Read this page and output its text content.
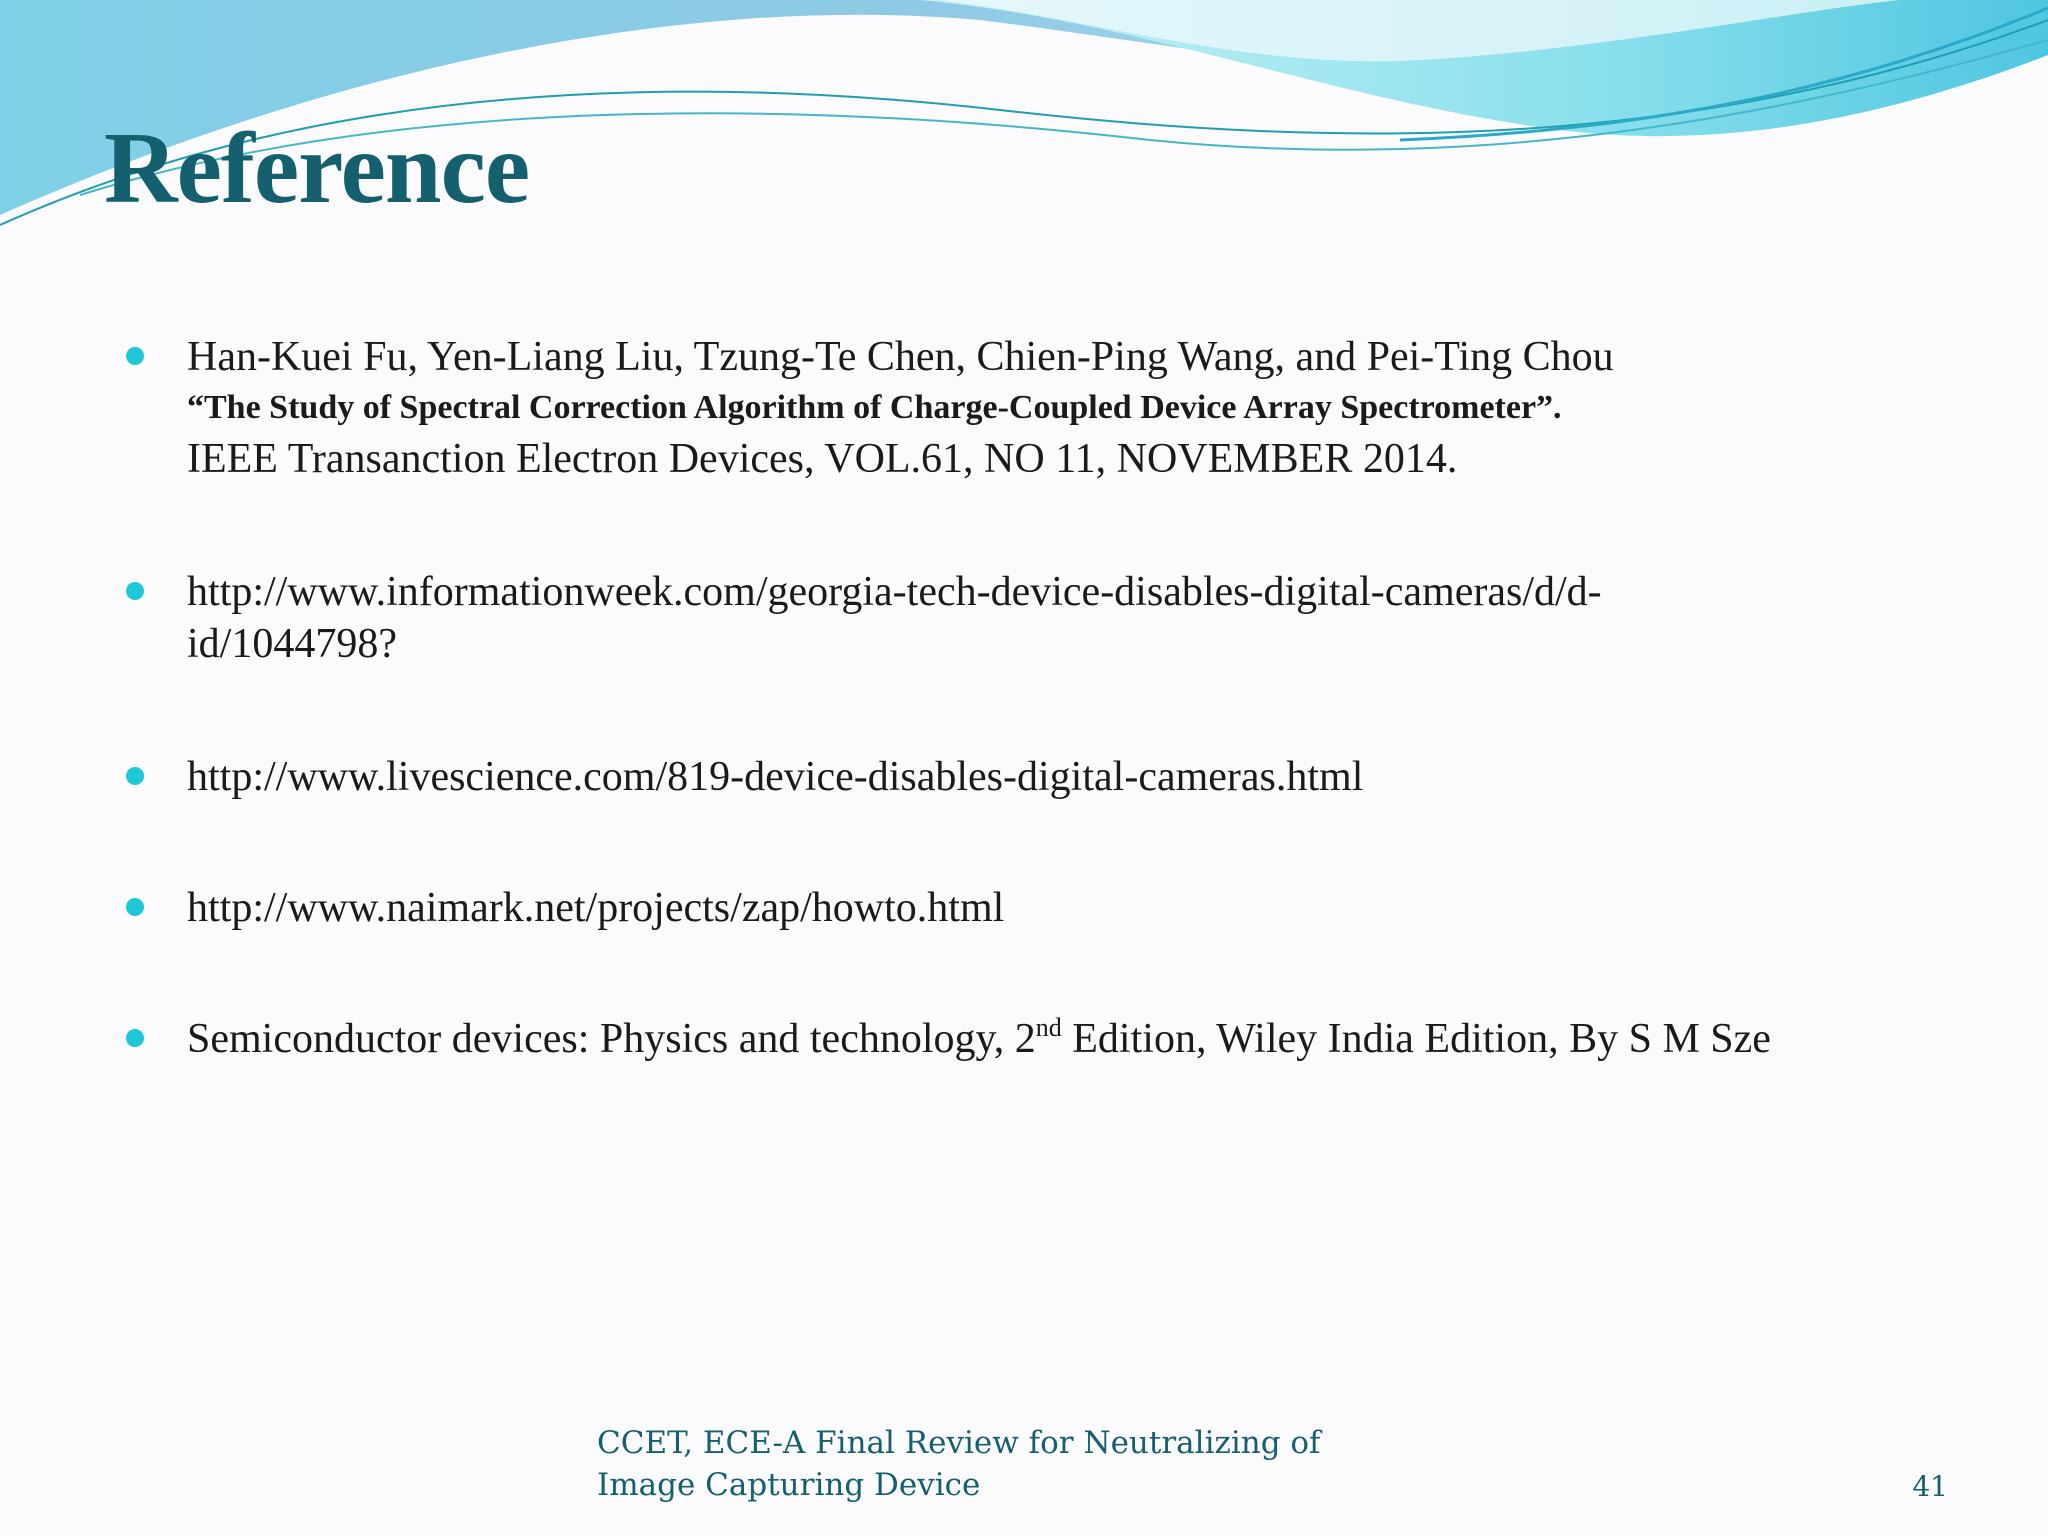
Reference
Han-Kuei Fu, Yen-Liang Liu, Tzung-Te Chen, Chien-Ping Wang, and Pei-Ting Chou
“The Study of Spectral Correction Algorithm of Charge-Coupled Device Array Spectrometer”.
IEEE Transanction Electron Devices, VOL.61, NO 11, NOVEMBER 2014.
http://www.informationweek.com/georgia-tech-device-disables-digital-cameras/d/d-
id/1044798?
http://www.livescience.com/819-device-disables-digital-cameras.html
http://www.naimark.net/projects/zap/howto.html
Semiconductor devices: Physics and technology, 2nd Edition, Wiley India Edition, By S M Sze
CCET, ECE-A Final Review for Neutralizing of
Image Capturing Device	41
